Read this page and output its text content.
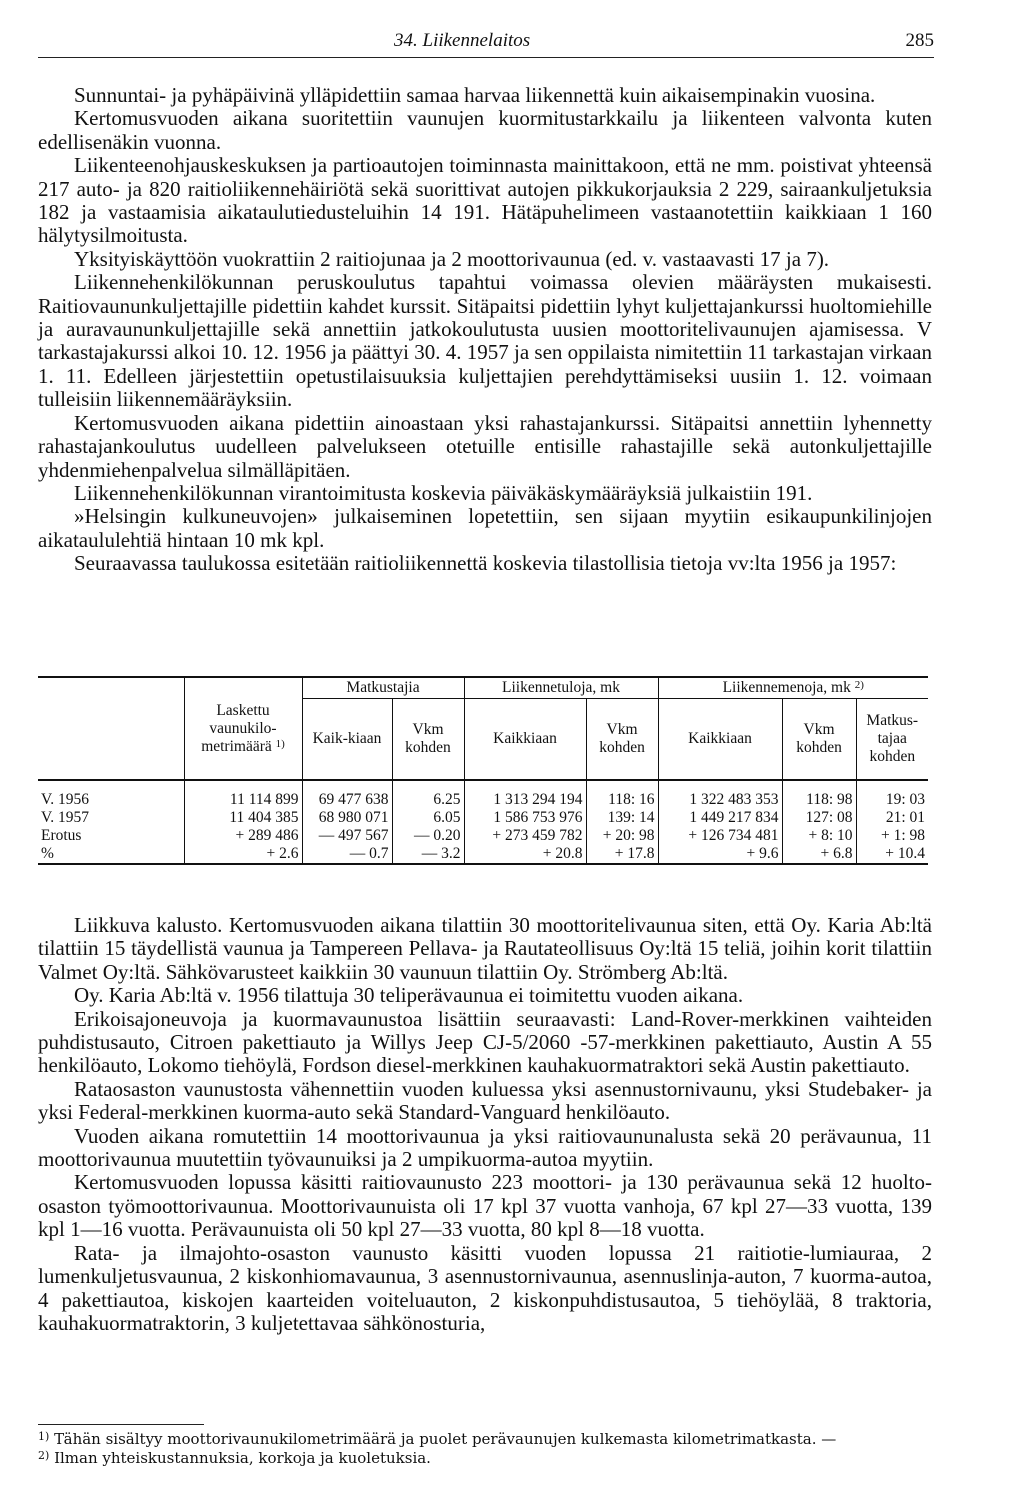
34. Liikennelaitos	285

Sunnuntai- ja pyhäpäivinä ylläpidettiin samaa harvaa liikennettä kuin aikaisempinakin vuosina.

Kertomusvuoden aikana suoritettiin vaunujen kuormitustarkkailu ja liikenteen valvonta kuten edellisenäkin vuonna.

Liikenteenohjauskeskuksen ja partioautojen toiminnasta mainittakoon, että ne mm. poistivat yhteensä 217 auto- ja 820 raitioliikennehäiriötä sekä suorittivat autojen pikkukorjauksia 2 229, sairaankuljetuksia 182 ja vastaamisia aikataulutiedusteluihin 14 191. Hätäpuhelimeen vastaanotettiin kaikkiaan 1 160 hälytysilmoitusta.

Yksityiskäyttöön vuokrattiin 2 raitiojunaa ja 2 moottorivaunua (ed. v. vastaavasti 17 ja 7).

Liikennehenkilökunnan peruskoulutus tapahtui voimassa olevien määräysten mukaisesti. Raitiovaununkuljettajille pidettiin kahdet kurssit. Sitäpaitsi pidettiin lyhyt kuljettajankurssi huoltomiehille ja auravaununkuljettajille sekä annettiin jatkokoulutusta uusien moottoritelivaunujen ajamisessa. V tarkastajakurssi alkoi 10. 12. 1956 ja päättyi 30. 4. 1957 ja sen oppilaista nimitettiin 11 tarkastajan virkaan 1. 11. Edelleen järjestettiin opetustilaisuuksia kuljettajien perehdyttämiseksi uusiin 1. 12. voimaan tulleisiin liikennemääräyksiin.

Kertomusvuoden aikana pidettiin ainoastaan yksi rahastajankurssi. Sitäpaitsi annettiin lyhennetty rahastajankoulutus uudelleen palvelukseen otetuille entisille rahastajille sekä autonkuljettajille yhdenmiehenpalvelua silmälläpitäen.

Liikennehenkilökunnan virantoimitusta koskevia päiväkäskymääräyksiä julkaistiin 191.

»Helsingin kulkuneuvojen» julkaiseminen lopetettiin, sen sijaan myytiin esikaupunkilinjojen aikataululehtiä hintaan 10 mk kpl.

Seuraavassa taulukossa esitetään raitioliikennettä koskevia tilastollisia tietoja vv:lta 1956 ja 1957:

	Laskettu vaunukilo-metrimäärä $^{1)}$	Matkustajia		Liikennetuloja, mk		Liikennemenoja, mk $^{2)}$
		Kaik-kiaan	Vkm kohden	Kaikkiaan	Vkm kohden	Kaikkiaan	Vkm kohden	Matkus-tajaa kohden

V. 1956	11 114 899	69 477 638	6.25	1 313 294 194	118: 16	1 322 483 353	118: 98	19: 03
V. 1957	11 404 385	68 980 071	6.05	1 586 753 976	139: 14	1 449 217 834	127: 08	21: 01
Erotus	+ 289 486	— 497 567	— 0.20	+ 273 459 782	+ 20: 98	+ 126 734 481	+ 8: 10	+ 1: 98
%	+ 2.6	— 0.7	— 3.2	+ 20.8	+ 17.8	+ 9.6	+ 6.8	+ 10.4

Liikkuva kalusto. Kertomusvuoden aikana tilattiin 30 moottoritelivaunua siten, että Oy. Karia Ab:ltä tilattiin 15 täydellistä vaunua ja Tampereen Pellava- ja Rautateollisuus Oy:ltä 15 teliä, joihin korit tilattiin Valmet Oy:ltä. Sähkövarusteet kaikkiin 30 vaunuun tilattiin Oy. Strömberg Ab:ltä.

Oy. Karia Ab:ltä v. 1956 tilattuja 30 teliperävaunua ei toimitettu vuoden aikana.

Erikoisajoneuvoja ja kuormavaunustoa lisättiin seuraavasti: Land-Rover-merkkinen vaihteiden puhdistusauto, Citroen pakettiauto ja Willys Jeep CJ-5/2060 -57-merkkinen pakettiauto, Austin A 55 henkilöauto, Lokomo tiehöylä, Fordson diesel-merkkinen kauhakuormatraktori sekä Austin pakettiauto.

Rataosaston vaunustosta vähennettiin vuoden kuluessa yksi asennustornivaunu, yksi Studebaker- ja yksi Federal-merkkinen kuorma-auto sekä Standard-Vanguard henkilöauto.

Vuoden aikana romutettiin 14 moottorivaunua ja yksi raitiovaununalusta sekä 20 perävaunua, 11 moottorivaunua muutettiin työvaunuiksi ja 2 umpikuorma-autoa myytiin.

Kertomusvuoden lopussa käsitti raitiovaunusto 223 moottori- ja 130 perävaunua sekä 12 huolto-osaston työmoottorivaunua. Moottorivaunuista oli 17 kpl 37 vuotta vanhoja, 67 kpl 27—33 vuotta, 139 kpl 1—16 vuotta. Perävaunuista oli 50 kpl 27—33 vuotta, 80 kpl 8—18 vuotta.

Rata- ja ilmajohto-osaston vaunusto käsitti vuoden lopussa 21 raitiotie-lumiauraa, 2 lumenkuljetusvaunua, 2 kiskonhiomavaunua, 3 asennustornivaunua, asennuslinja-auton, 7 kuorma-autoa, 4 pakettiautoa, kiskojen kaarteiden voiteluauton, 2 kiskonpuhdistusautoa, 5 tiehöylää, 8 traktoria, kauhakuormatraktorin, 3 kuljetettavaa sähkönosturia,

$^{1)}$ Tähän sisältyy moottorivaunukilometrimäärä ja puolet perävaunujen kulkemasta kilometrimatkasta. —
$^{2)}$ Ilman yhteiskustannuksia, korkoja ja kuoletuksia.
